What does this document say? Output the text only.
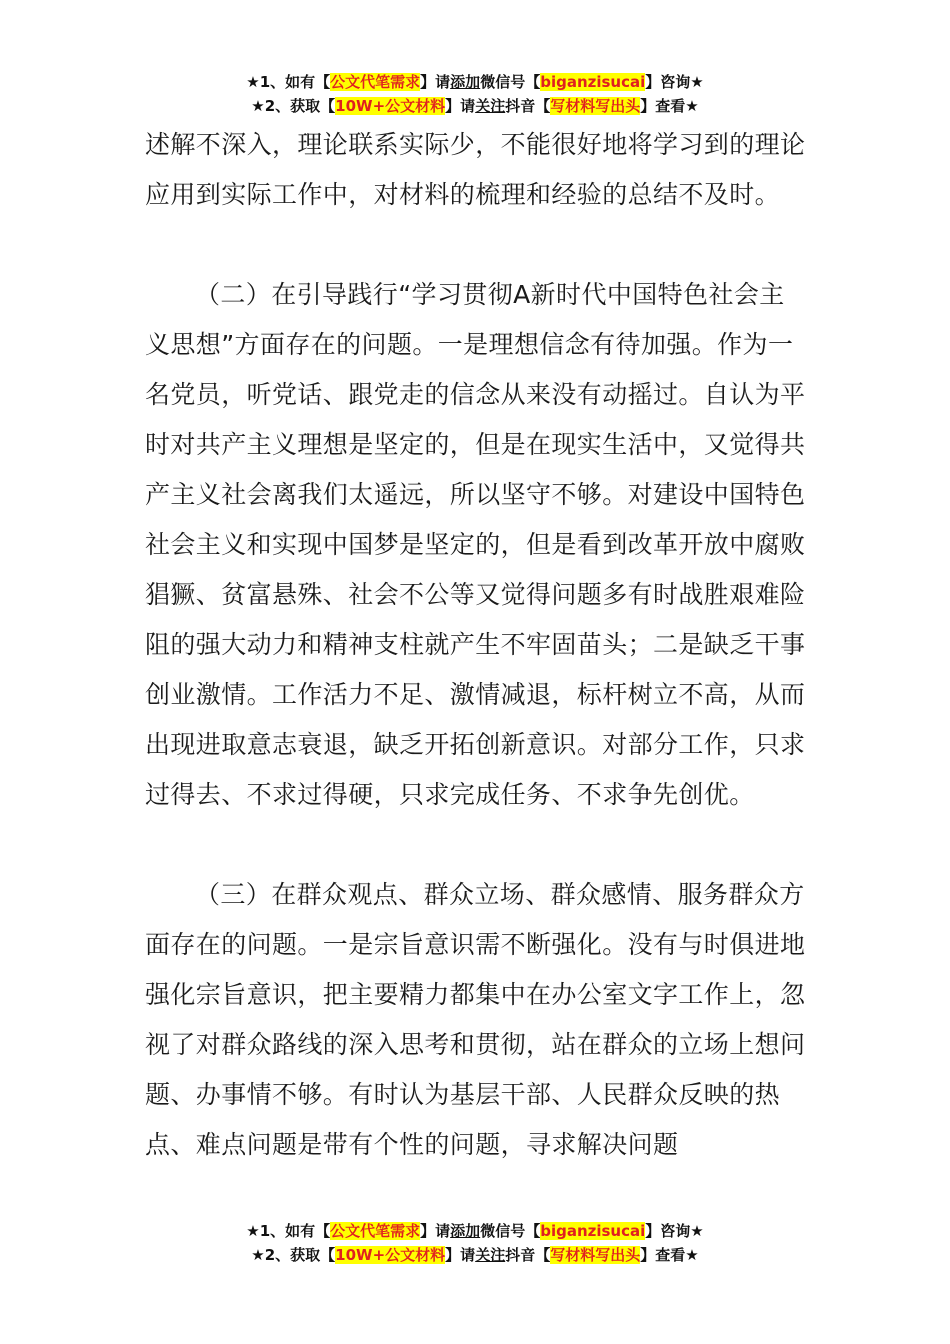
★1、如有【公文代笔需求】请添加微信号【biganzisucai】咨询★
★2、获取【10W+公文材料】请关注抖音【写材料写出头】查看★

述解不深入，理论联系实际少，不能很好地将学习到的理论应用到实际工作中，对材料的梳理和经验的总结不及时。

（二）在引导践行“学习贯彻A新时代中国特色社会主义思想”方面存在的问题。一是理想信念有待加强。作为一名党员，听党话、跟党走的信念从来没有动摇过。自认为平时对共产主义理想是坚定的，但是在现实生活中，又觉得共产主义社会离我们太遥远，所以坚守不够。对建设中国特色社会主义和实现中国梦是坚定的，但是看到改革开放中腐败猖獗、贫富悬殊、社会不公等又觉得问题多有时战胜艰难险阻的强大动力和精神支柱就产生不牢固苗头；二是缺乏干事创业激情。工作活力不足、激情减退，标杆树立不高，从而出现进取意志衰退，缺乏开拓创新意识。对部分工作，只求过得去、不求过得硬，只求完成任务、不求争先创优。

（三）在群众观点、群众立场、群众感情、服务群众方面存在的问题。一是宗旨意识需不断强化。没有与时俱进地强化宗旨意识，把主要精力都集中在办公室文字工作上，忽视了对群众路线的深入思考和贯彻，站在群众的立场上想问题、办事情不够。有时认为基层干部、人民群众反映的热点、难点问题是带有个性的问题，寻求解决问题

★1、如有【公文代笔需求】请添加微信号【biganzisucai】咨询★
★2、获取【10W+公文材料】请关注抖音【写材料写出头】查看★
